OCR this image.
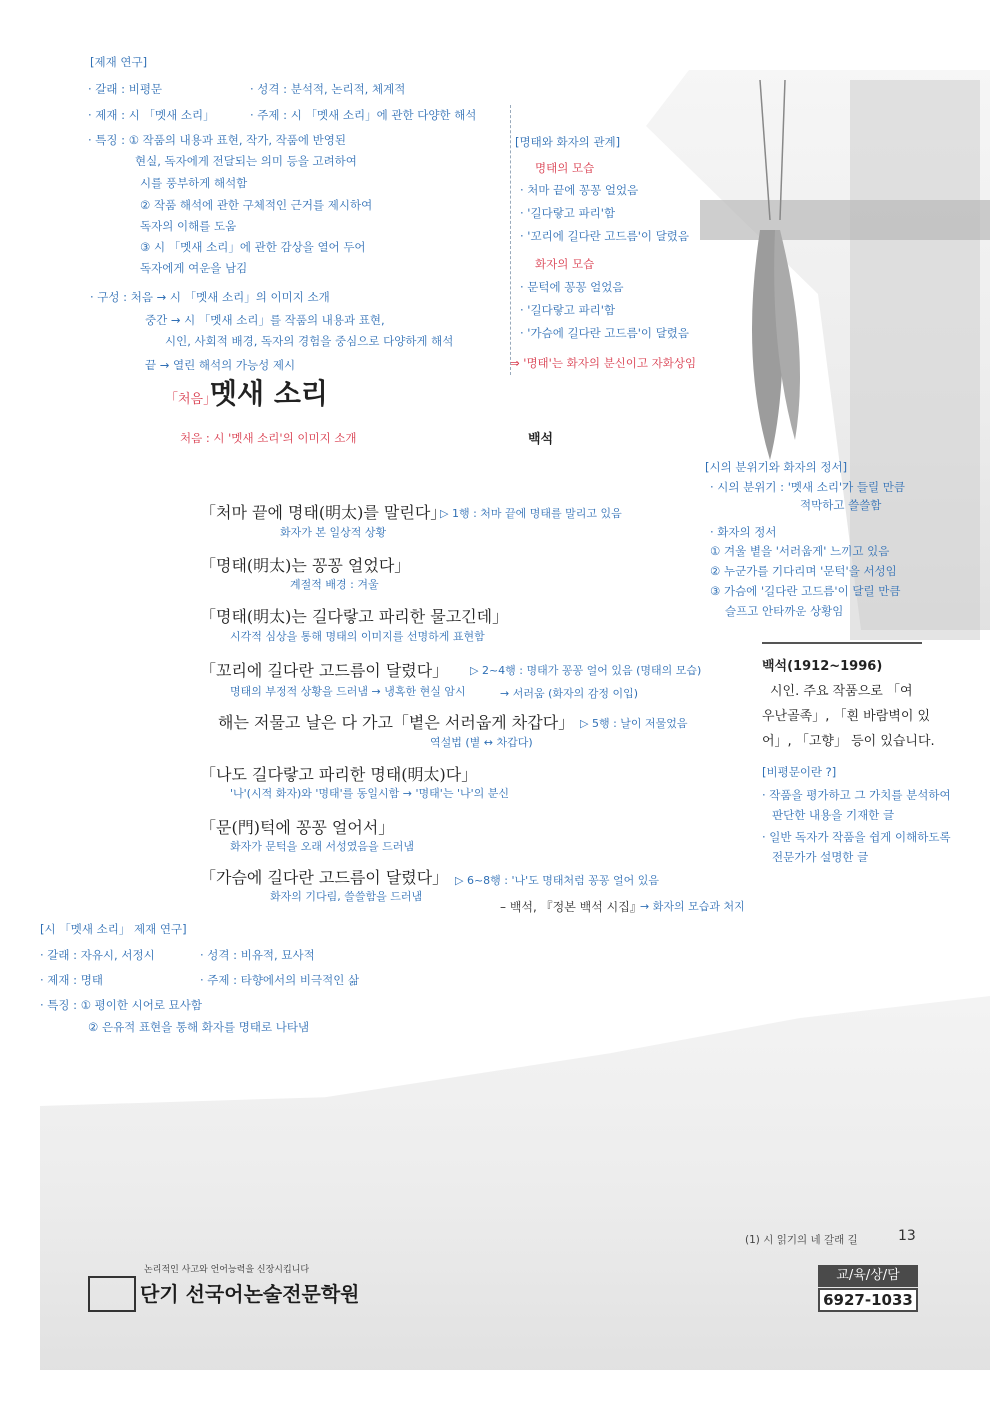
[제재 연구]
· 갈래 : 비평문	· 성격 : 분석적, 논리적, 체계적
· 제재 : 시 「멧새 소리」	· 주제 : 시 「멧새 소리」에 관한 다양한 해석
· 특징 : ① 작품의 내용과 표현, 작가, 작품에 반영된
현실, 독자에게 전달되는 의미 등을 고려하여
시를 풍부하게 해석함
② 작품 해석에 관한 구체적인 근거를 제시하여
독자의 이해를 도움
③ 시 「멧새 소리」에 관한 감상을 열어 두어
독자에게 여운을 남김
· 구성 : 처음 → 시 「멧새 소리」의 이미지 소개
중간 → 시 「멧새 소리」를 작품의 내용과 표현,
시인, 사회적 배경, 독자의 경험을 중심으로 다양하게 해석
끝 → 열린 해석의 가능성 제시
[명태와 화자의 관계]
명태의 모습
· 처마 끝에 꽁꽁 얼었음
· '길다랗고 파리'함
· '꼬리에 길다란 고드름'이 달렸음
화자의 모습
· 문턱에 꽁꽁 얼었음
· '길다랗고 파리'함
· '가슴에 길다란 고드름'이 달렸음
⇒ '명태'는 화자의 분신이고 자화상임
「처음」
멧새 소리
처음 : 시 '멧새 소리'의 이미지 소개	백석
[시의 분위기와 화자의 정서]
· 시의 분위기 : '멧새 소리'가 들릴 만큼
적막하고 쓸쓸함
· 화자의 정서
① 겨울 볕을 '서러웁게' 느끼고 있음
② 누군가를 기다리며 '문턱'을 서성임
③ 가슴에 '길다란 고드름'이 달릴 만큼
슬프고 안타까운 상황임
「처마 끝에 명태(明太)를 말린다」
▷ 1행 : 처마 끝에 명태를 말리고 있음
화자가 본 일상적 상황
「명태(明太)는 꽁꽁 얼었다」
계절적 배경 : 겨울
「명태(明太)는 길다랗고 파리한 물고긴데」
시각적 심상을 통해 명태의 이미지를 선명하게 표현함
「꼬리에 길다란 고드름이 달렸다」 ▷ 2~4행 : 명태가 꽁꽁 얼어 있음 (명태의 모습)
명태의 부정적 상황을 드러냄 → 냉혹한 현실 암시	→ 서러움 (화자의 감정 이입)
해는 저물고 날은 다 가고「볕은 서러웁게 차갑다」 ▷ 5행 : 날이 저물었음
역설법 (볕 ↔ 차갑다)
「나도 길다랗고 파리한 명태(明太)다」
'나'(시적 화자)와 '명태'를 동일시함 → '명태'는 '나'의 분신
「문(門)턱에 꽁꽁 얼어서」
화자가 문턱을 오래 서성였음을 드러냄
「가슴에 길다란 고드름이 달렸다」 ▷ 6~8행 : '나'도 명태처럼 꽁꽁 얼어 있음
화자의 기다림, 쓸쓸함을 드러냄
– 백석, 『정본 백석 시집』
→ 화자의 모습과 처지
백석(1912~1996)
시인. 주요 작품으로 「여
우난골족」, 「흰 바람벽이 있
어」, 「고향」 등이 있습니다.
[비평문이란 ?]
· 작품을 평가하고 그 가치를 분석하여
판단한 내용을 기재한 글
· 일반 독자가 작품을 쉽게 이해하도록
전문가가 설명한 글
[시 「멧새 소리」 제재 연구]
· 갈래 : 자유시, 서정시	· 성격 : 비유적, 묘사적
· 제재 : 명태	· 주제 : 타향에서의 비극적인 삶
· 특징 : ① 평이한 시어로 묘사함
② 은유적 표현을 통해 화자를 명태로 나타냄
(1) 시 읽기의 네 갈래 길	13
논리적인 사고와 언어능력을 신장시킵니다
단기 선국어논술전문학원
교/육/상/담
6927-1033
